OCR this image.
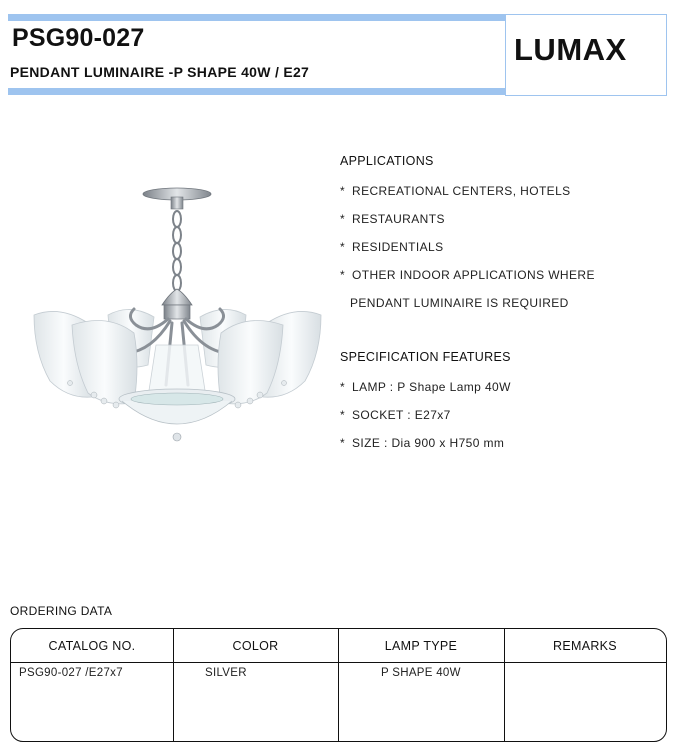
PSG90-027
PENDANT LUMINAIRE -P SHAPE 40W / E27
LUMAX
APPLICATIONS
* RECREATIONAL CENTERS, HOTELS
* RESTAURANTS
* RESIDENTIALS
* OTHER INDOOR APPLICATIONS WHERE
PENDANT LUMINAIRE IS REQUIRED
SPECIFICATION FEATURES
* LAMP : P Shape Lamp 40W
* SOCKET : E27x7
* SIZE : Dia 900 x H750 mm
ORDERING DATA
CATALOG NO.	COLOR	LAMP TYPE	REMARKS
PSG90-027 /E27x7	SILVER	P SHAPE 40W
